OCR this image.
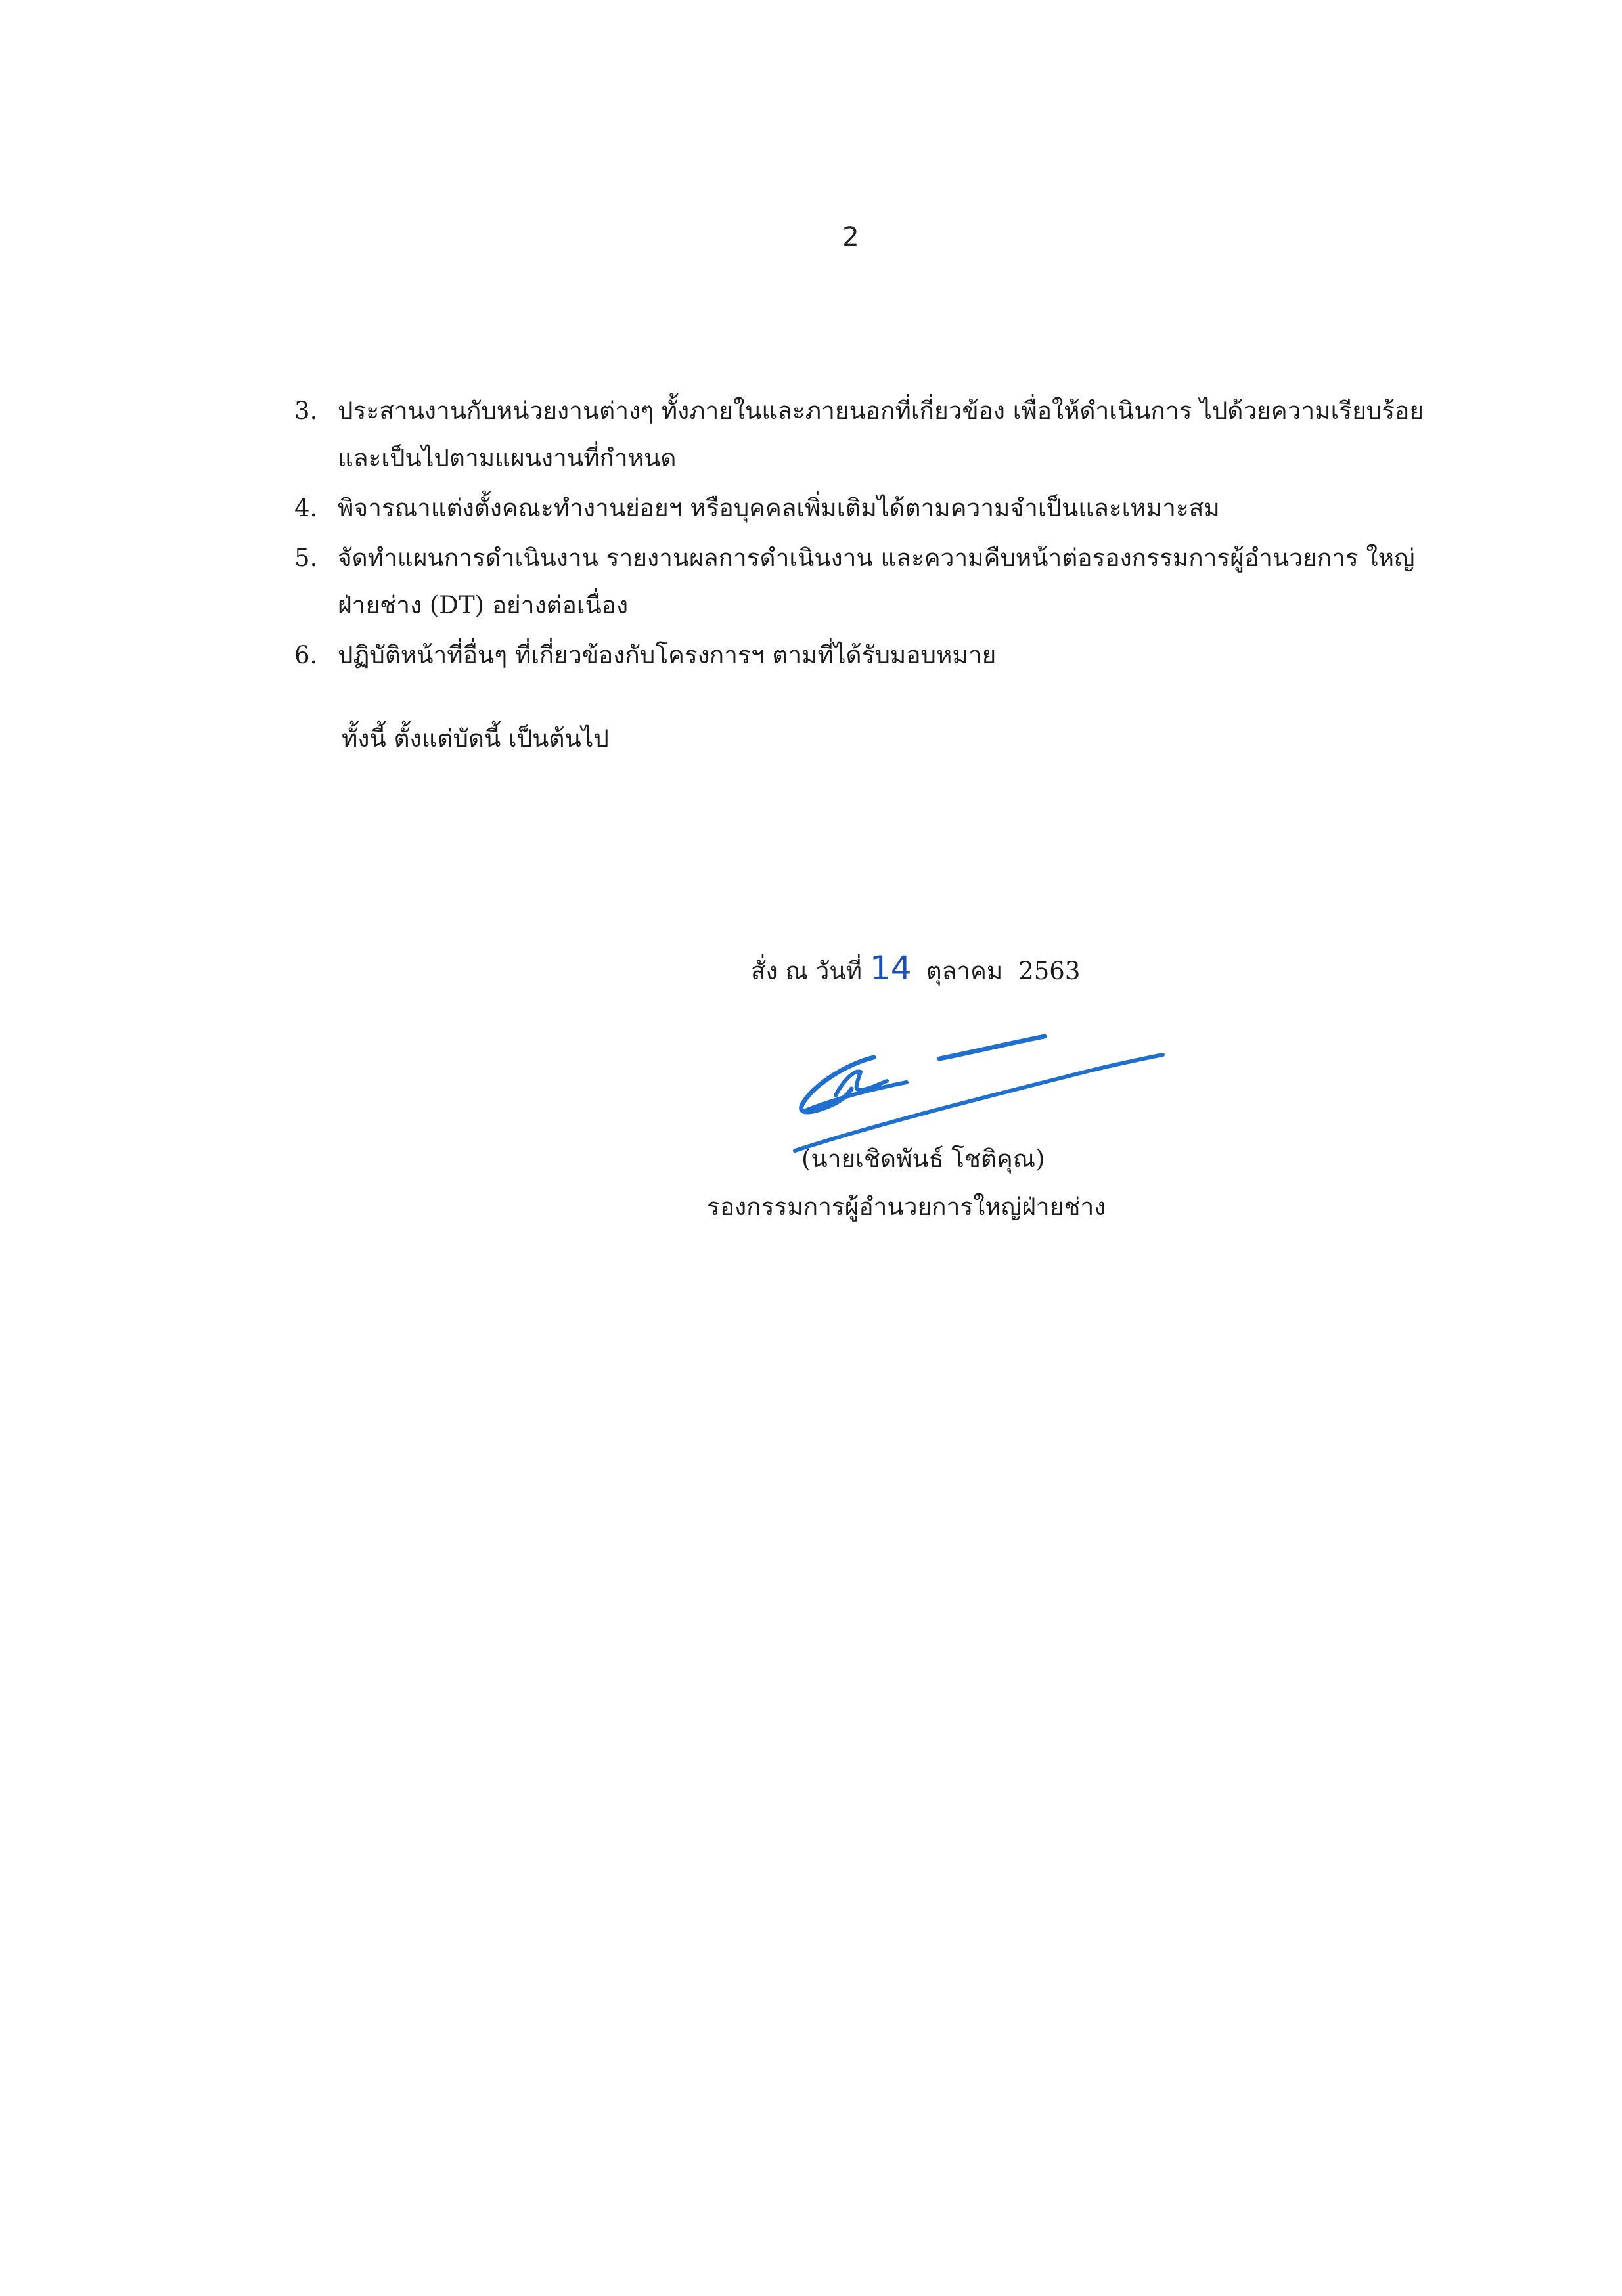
2
3. ประสานงานกับหน่วยงานต่างๆ ทั้งภายในและภายนอกที่เกี่ยวข้อง เพื่อให้ดำเนินการ ไปด้วยความเรียบร้อย
และเป็นไปตามแผนงานที่กำหนด
4. พิจารณาแต่งตั้งคณะทำงานย่อยฯ หรือบุคคลเพิ่มเติมได้ตามความจำเป็นและเหมาะสม
5. จัดทำแผนการดำเนินงาน รายงานผลการดำเนินงาน และความคืบหน้าต่อรองกรรมการผู้อำนวยการ ใหญ่
ฝ่ายช่าง (DT) อย่างต่อเนื่อง
6. ปฏิบัติหน้าที่อื่นๆ ที่เกี่ยวข้องกับโครงการฯ ตามที่ได้รับมอบหมาย
ทั้งนี้ ตั้งแต่บัดนี้ เป็นต้นไป
สั่ง ณ วันที่ 14 ตุลาคม 2563
(นายเชิดพันธ์ โชติคุณ)
รองกรรมการผู้อำนวยการใหญ่ฝ่ายช่าง
